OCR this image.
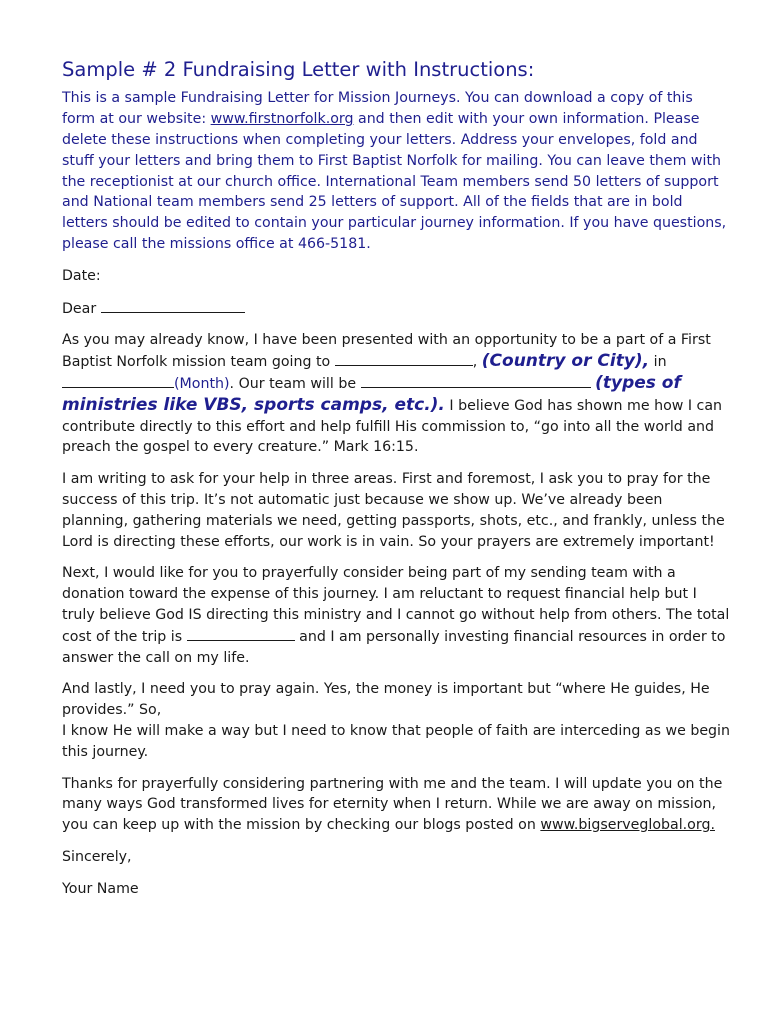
Sample # 2 Fundraising Letter with Instructions:

This is a sample Fundraising Letter for Mission Journeys. You can download a copy of this form at our website: www.firstnorfolk.org and then edit with your own information. Please delete these instructions when completing your letters. Address your envelopes, fold and stuff your letters and bring them to First Baptist Norfolk for mailing. You can leave them with the receptionist at our church office. International Team members send 50 letters of support and National team members send 25 letters of support. All of the fields that are in bold letters should be edited to contain your particular journey information. If you have questions, please call the missions office at 466-5181.

Date:

Dear

As you may already know, I have been presented with an opportunity to be a part of a First Baptist Norfolk mission team going to	, (Country or City), in(Month). Our team will be	(types of ministries like VBS, sports camps, etc.). I believe God has shown me how I can contribute directly to this effort and help fulfill His commission to, “go into all the world and preach the gospel to every creature.” Mark 16:15.

I am writing to ask for your help in three areas. First and foremost, I ask you to pray for the success of this trip. It’s not automatic just because we show up. We’ve already been planning, gathering materials we need, getting passports, shots, etc., and frankly, unless the Lord is directing these efforts, our work is in vain. So your prayers are extremely important!

Next, I would like for you to prayerfully consider being part of my sending team with a donation toward the expense of this journey. I am reluctant to request financial help but I truly believe God IS directing this ministry and I cannot go without help from others. The total cost of the trip is	and I am personally investing financial resources in order to answer the call on my life.

And lastly, I need you to pray again. Yes, the money is important but “where He guides, He provides.” So,
I know He will make a way but I need to know that people of faith are interceding as we begin this journey.

Thanks for prayerfully considering partnering with me and the team. I will update you on the many ways God transformed lives for eternity when I return. While we are away on mission, you can keep up with the mission by checking our blogs posted on www.bigserveglobal.org.

Sincerely,

Your Name
